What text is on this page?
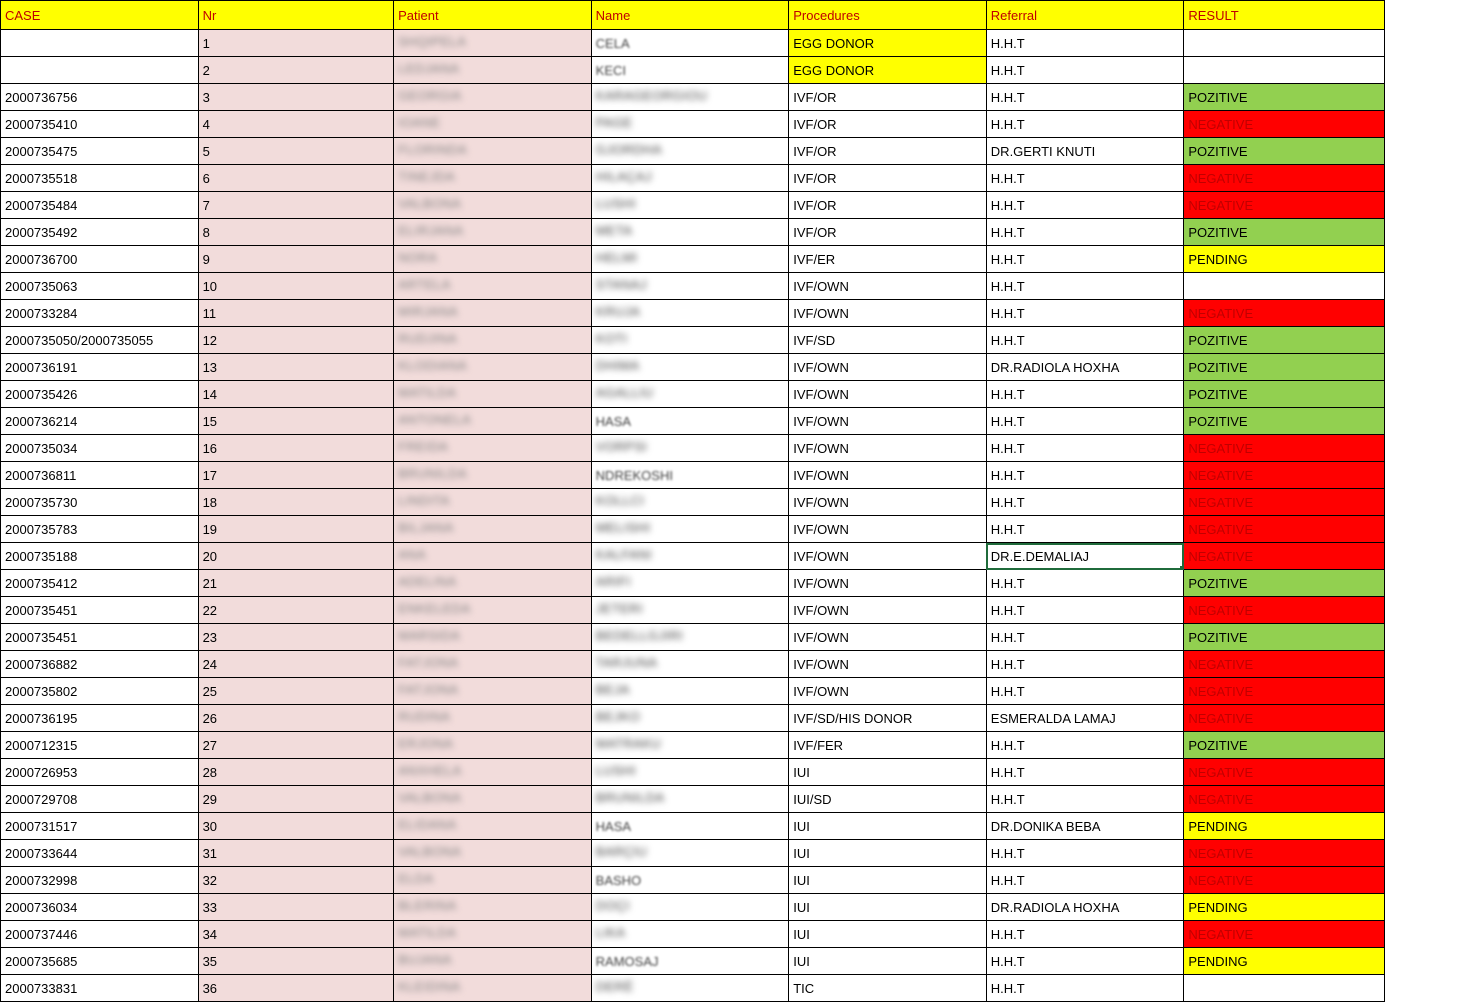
CASE	Nr	Patient	Name	Procedures	Referral	RESULT
	1	SHQIPELA	CELA	EGG DONOR	H.H.T	
	2	LEDJANA	KECI	EGG DONOR	H.H.T	
2000736756	3	GEORGIA	KARAGEORGIOU	IVF/OR	H.H.T	POZITIVE
2000735410	4	IOANE	PAGE	IVF/OR	H.H.T	NEGATIVE
2000735475	5	FLORINDA	GJORDHA	IVF/OR	DR.GERTI KNUTI	POZITIVE
2000735518	6	TINEJDA	HILAÇAJ	IVF/OR	H.H.T	NEGATIVE
2000735484	7	VALBONA	LUSHI	IVF/OR	H.H.T	NEGATIVE
2000735492	8	ELIRJANA	META	IVF/OR	H.H.T	POZITIVE
2000736700	9	NORA	HELMI	IVF/ER	H.H.T	PENDING
2000735063	10	ARTELA	STANAJ	IVF/OWN	H.H.T	
2000733284	11	MIRJANA	KRUJA	IVF/OWN	H.H.T	NEGATIVE
2000735050/2000735055	12	RUDJINA	KOTI	IVF/SD	H.H.T	POZITIVE
2000736191	13	KLODIANA	DHIMA	IVF/OWN	DR.RADIOLA HOXHA	POZITIVE
2000735426	14	MATILDA	AGALLIU	IVF/OWN	H.H.T	POZITIVE
2000736214	15	ANTONELA	HASA	IVF/OWN	H.H.T	POZITIVE
2000735034	16	FREIDA	VORPSI	IVF/OWN	H.H.T	NEGATIVE
2000736811	17	BRUNILDA	NDREKOSHI	IVF/OWN	H.H.T	NEGATIVE
2000735730	18	LINDITA	KOLLCI	IVF/OWN	H.H.T	NEGATIVE
2000735783	19	BILJANA	MELISHI	IVF/OWN	H.H.T	NEGATIVE
2000735188	20	ANA	KALFANI	IVF/OWN	DR.E.DEMALIAJ	NEGATIVE
2000735412	21	ADELINA	ARIFI	IVF/OWN	H.H.T	POZITIVE
2000735451	22	ENKELEDA	JETERI	IVF/OWN	H.H.T	NEGATIVE
2000735451	23	MARSIDA	BEDELLGJIRI	IVF/OWN	H.H.T	POZITIVE
2000736882	24	FATJONA	TARJUNA	IVF/OWN	H.H.T	NEGATIVE
2000735802	25	FATJONA	BEJA	IVF/OWN	H.H.T	NEGATIVE
2000736195	26	RUDINA	BEJKO	IVF/SD/HIS DONOR	ESMERALDA LAMAJ	NEGATIVE
2000712315	27	ERJONA	MATRAKU	IVF/FER	H.H.T	POZITIVE
2000726953	28	ANXHELA	LUSHI	IUI	H.H.T	NEGATIVE
2000729708	29	VALBONA	BRUNILDA	IUI/SD	H.H.T	NEGATIVE
2000731517	30	ELIDANA	HASA	IUI	DR.DONIKA BEBA	PENDING
2000733644	31	VALBONA	BARÇIU	IUI	H.H.T	NEGATIVE
2000732998	32	ELDA	BASHO	IUI	H.H.T	NEGATIVE
2000736034	33	BLERINA	DOÇI	IUI	DR.RADIOLA HOXHA	PENDING
2000737446	34	MATILDA	LIKA	IUI	H.H.T	NEGATIVE
2000735685	35	BUJANA	RAMOSAJ	IUI	H.H.T	PENDING
2000733831	36	KLEIDINA	DERË	TIC	H.H.T	
